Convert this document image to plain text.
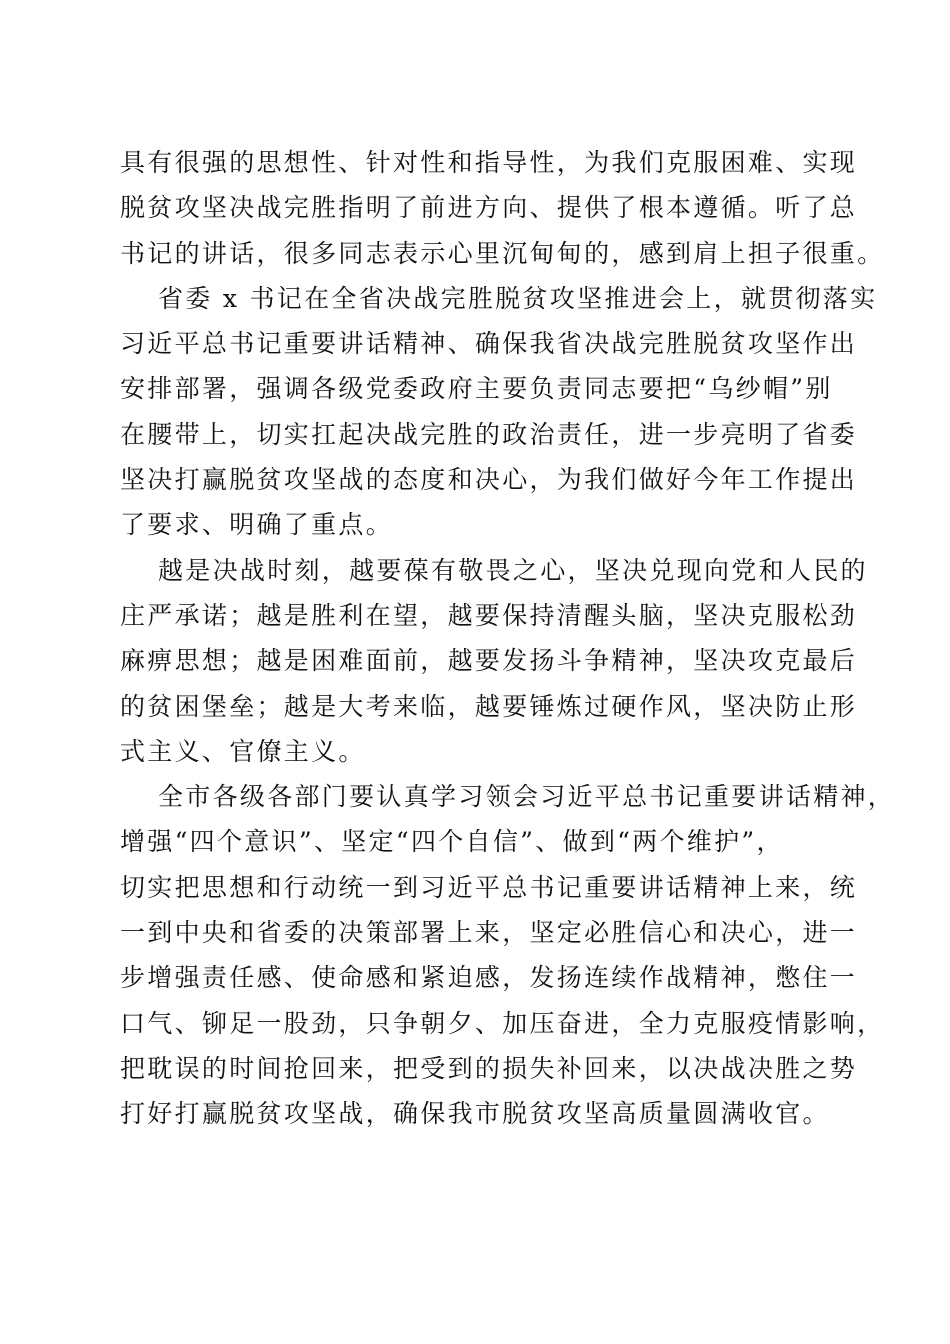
具有很强的思想性、针对性和指导性，为我们克服困难、实现
脱贫攻坚决战完胜指明了前进方向、提供了根本遵循。听了总
书记的讲话，很多同志表示心里沉甸甸的，感到肩上担子很重。
省委 x 书记在全省决战完胜脱贫攻坚推进会上，就贯彻落实
习近平总书记重要讲话精神、确保我省决战完胜脱贫攻坚作出
安排部署，强调各级党委政府主要负责同志要把“乌纱帽”别
在腰带上，切实扛起决战完胜的政治责任，进一步亮明了省委
坚决打赢脱贫攻坚战的态度和决心，为我们做好今年工作提出
了要求、明确了重点。
越是决战时刻，越要葆有敬畏之心，坚决兑现向党和人民的
庄严承诺；越是胜利在望，越要保持清醒头脑，坚决克服松劲
麻痹思想；越是困难面前，越要发扬斗争精神，坚决攻克最后
的贫困堡垒；越是大考来临，越要锤炼过硬作风，坚决防止形
式主义、官僚主义。
全市各级各部门要认真学习领会习近平总书记重要讲话精神，
增强“四个意识”、坚定“四个自信”、做到“两个维护”，
切实把思想和行动统一到习近平总书记重要讲话精神上来，统
一到中央和省委的决策部署上来，坚定必胜信心和决心，进一
步增强责任感、使命感和紧迫感，发扬连续作战精神，憋住一
口气、铆足一股劲，只争朝夕、加压奋进，全力克服疫情影响，
把耽误的时间抢回来，把受到的损失补回来，以决战决胜之势
打好打赢脱贫攻坚战，确保我市脱贫攻坚高质量圆满收官。
